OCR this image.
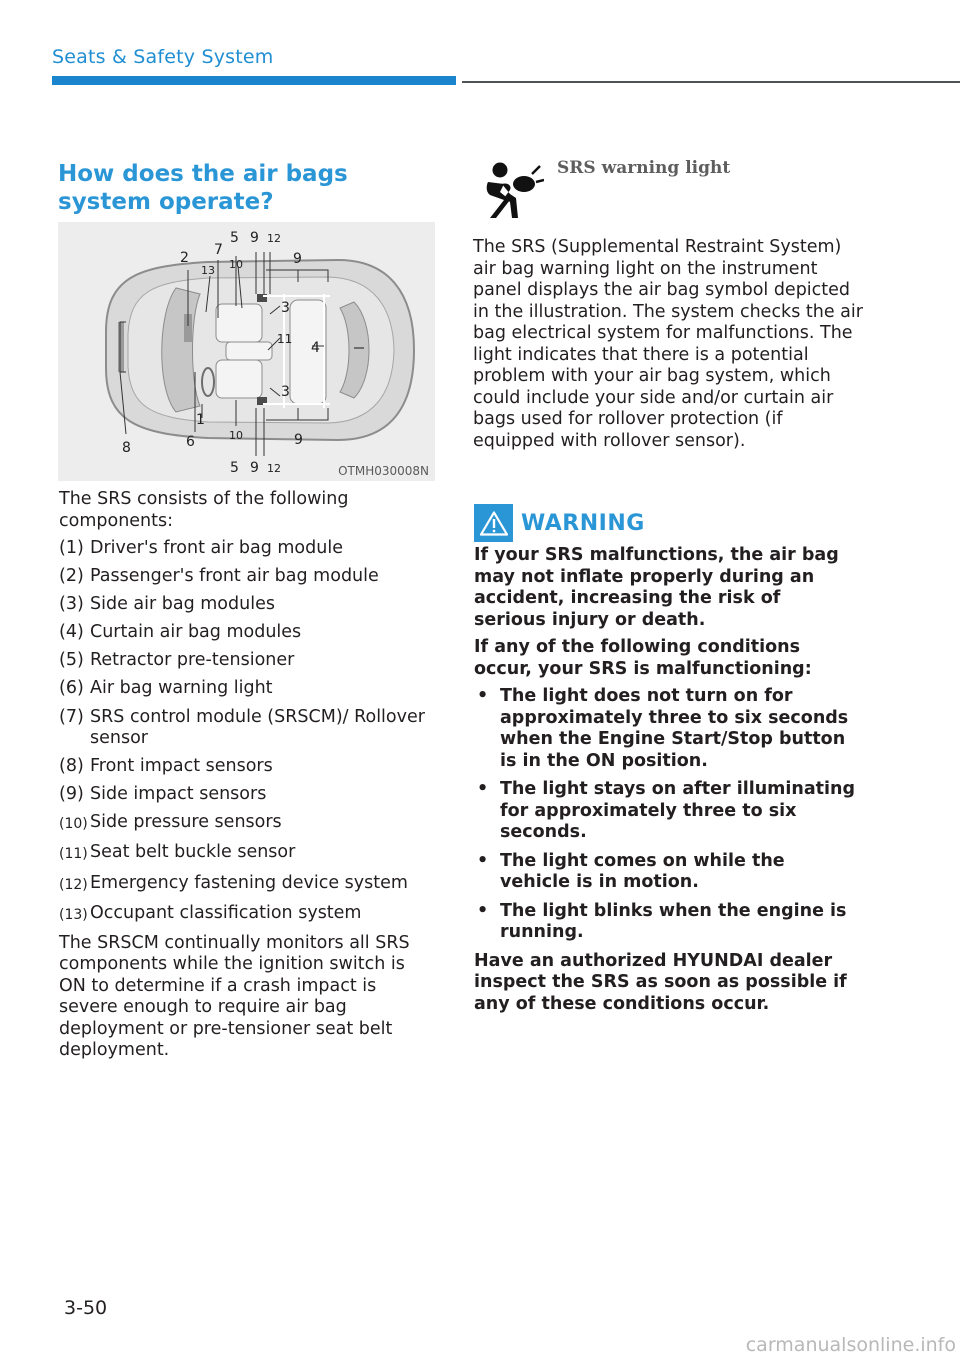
Seats & Safety System
How does the air bags system operate?
2 7
13
5 9 12
10	9
3
11
4
3
1
8	6	10	9
5 9 12	OTMH030008N

The SRS consists of the following components:

(1) Driver's front air bag module
(2) Passenger's front air bag module
(3) Side air bag modules
(4) Curtain air bag modules
(5) Retractor pre-tensioner
(6) Air bag warning light
(7) SRS control module (SRSCM)/ Rollover sensor
(8) Front impact sensors
(9) Side impact sensors
(10) Side pressure sensors
(11) Seat belt buckle sensor
(12) Emergency fastening device system
(13) Occupant classification system

The SRSCM continually monitors all SRS components while the ignition switch is ON to determine if a crash impact is severe enough to require air bag deployment or pre-tensioner seat belt deployment.

SRS warning light

The SRS (Supplemental Restraint System) air bag warning light on the instrument panel displays the air bag symbol depicted in the illustration. The system checks the air bag electrical system for malfunctions. The light indicates that there is a potential problem with your air bag system, which could include your side and/or curtain air bags used for rollover protection (if equipped with rollover sensor).

WARNING

If your SRS malfunctions, the air bag may not inflate properly during an accident, increasing the risk of serious injury or death.

If any of the following conditions occur, your SRS is malfunctioning:

• The light does not turn on for approximately three to six seconds when the Engine Start/Stop button is in the ON position.
• The light stays on after illuminating for approximately three to six seconds.
• The light comes on while the vehicle is in motion.
• The light blinks when the engine is running.

Have an authorized HYUNDAI dealer inspect the SRS as soon as possible if any of these conditions occur.

3-50
carmanualsonline.info
